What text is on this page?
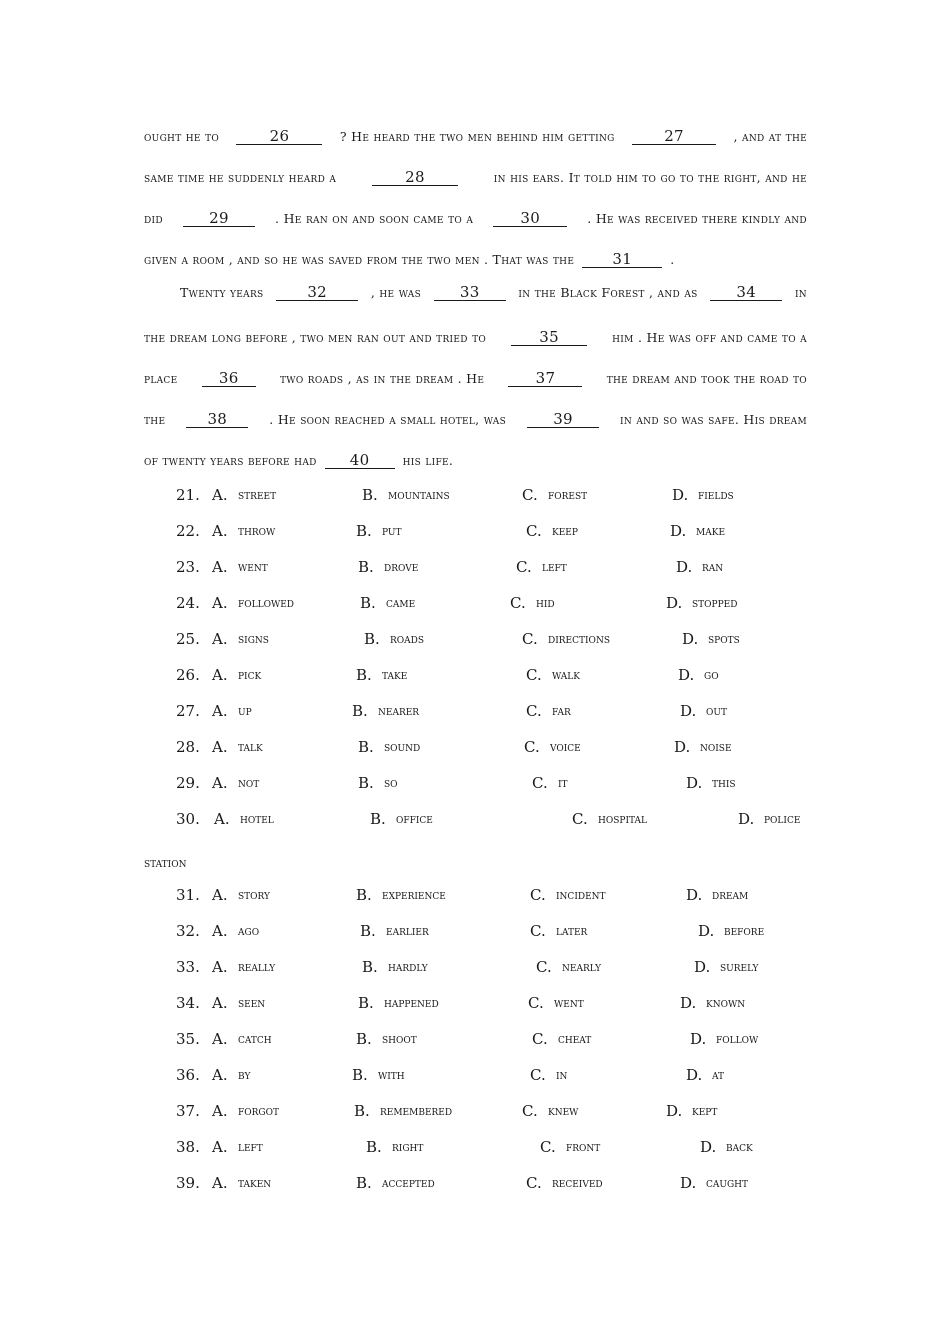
ought he to	26	? He heard the two men behind him getting	27	, and at the
same time he suddenly heard a	28	in his ears. It told him to go to the right, and he
did	29	. He ran on and soon came to a	30	. He was received there kindly and
given a room , and so he was saved from the two men . That was the	31	.
Twenty years	32	, he was	33	in the Black Forest , and as	34	in
the dream long before , two men ran out and tried to	35	him . He was off and came to a
place	36	two roads , as in the dream . He	37	the dream and took the road to
the	38	. He soon reached a small hotel, was	39	in and so was safe. His dream
of twenty years before had	40	his life.
21. A. street	B. mountains	C. forest	D. fields
22. A. throw	B. put	C. keep	D. make
23. A. went	B. drove	C. left	D. ran
24. A. followed	B. came	C. hid	D. stopped
25. A. signs	B. roads	C. directions	D. spots
26. A. pick	B. take	C. walk	D. go
27. A. up	B. nearer	C. far	D. out
28. A. talk	B. sound	C. voice	D. noise
29. A. not	B. so	C. it	D. this
30. A. hotel	B. office	C. hospital	D. police
station
31. A. story	B. experience	C. incident	D. dream
32. A. ago	B. earlier	C. later	D. before
33. A. really	B. hardly	C. nearly	D. surely
34. A. seen	B. happened	C. went	D. known
35. A. catch	B. shoot	C. cheat	D. follow
36. A. by	B. with	C. in	D. at
37. A. forgot	B. remembered	C. knew	D. kept
38. A. left	B. right	C. front	D. back
39. A. taken	B. accepted	C. received	D. caught
